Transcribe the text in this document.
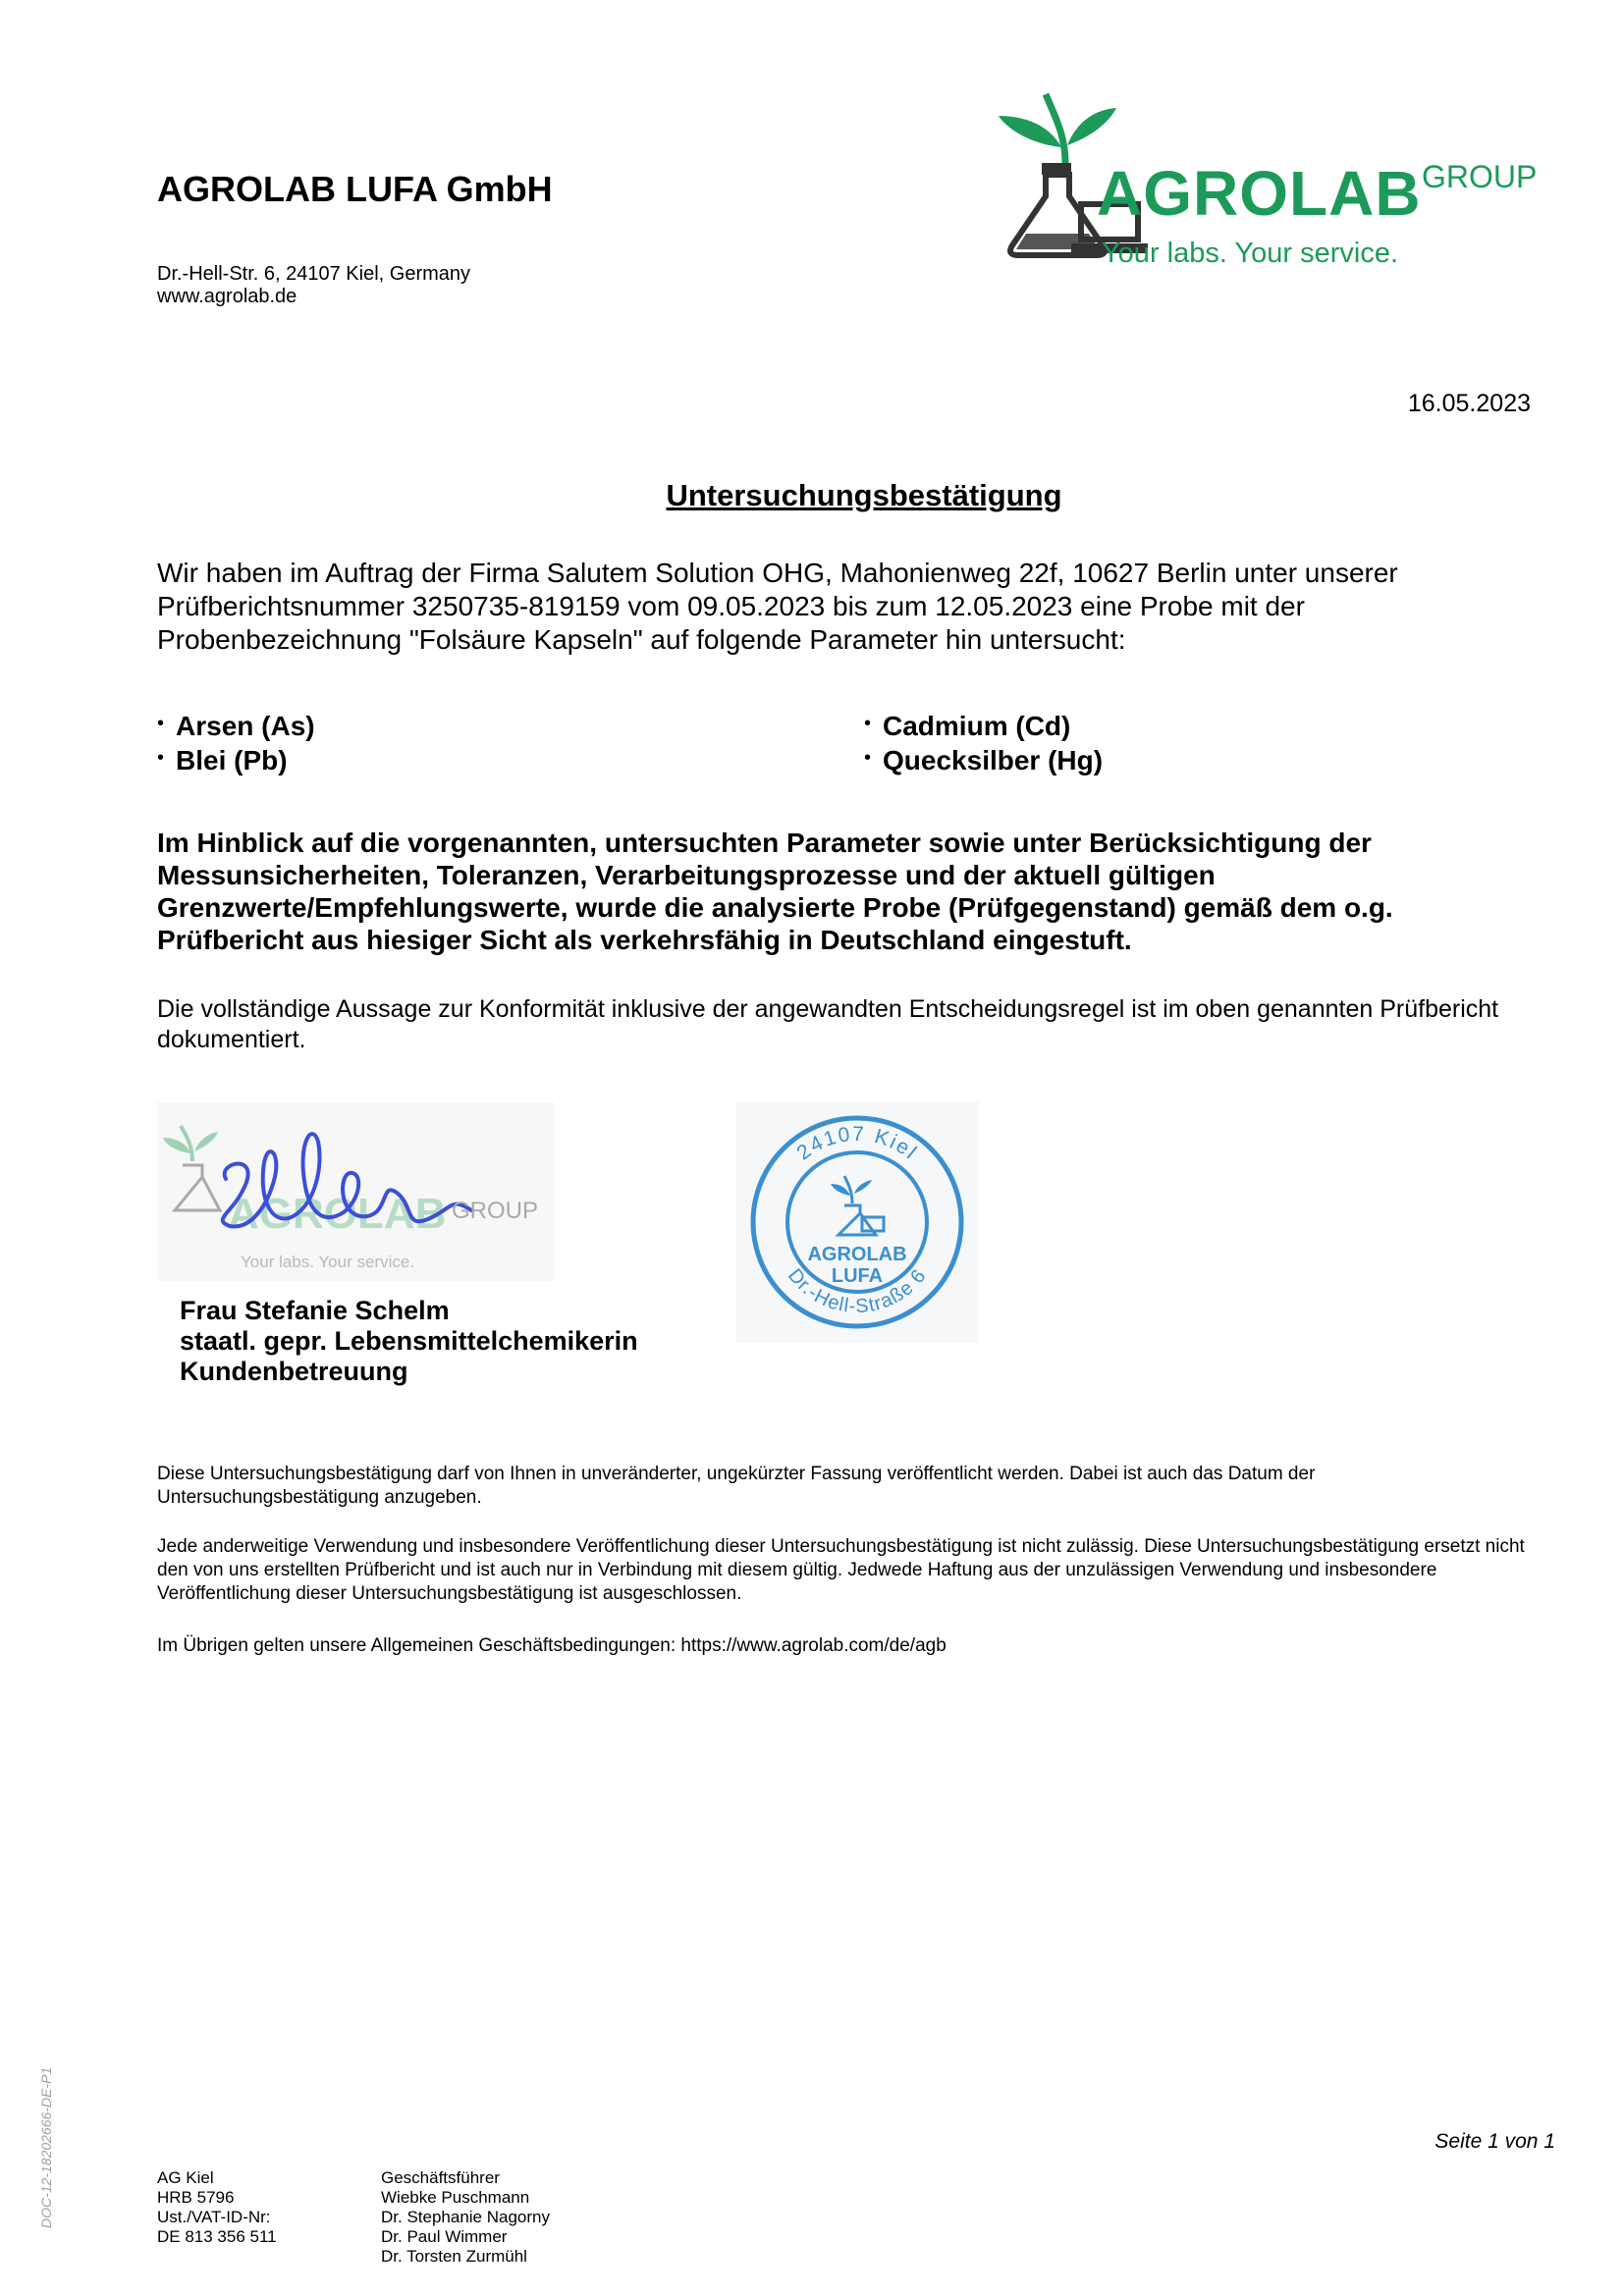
AGROLAB LUFA GmbH
Dr.-Hell-Str. 6, 24107 Kiel, Germany
www.agrolab.de
AGROLAB GROUP
Your labs. Your service.
16.05.2023
Untersuchungsbestätigung
Wir haben im Auftrag der Firma Salutem Solution OHG, Mahonienweg 22f, 10627 Berlin unter unserer Prüfberichtsnummer 3250735-819159 vom 09.05.2023 bis zum 12.05.2023 eine Probe mit der Probenbezeichnung "Folsäure Kapseln" auf folgende Parameter hin untersucht:
• Arsen (As)
• Blei (Pb)
• Cadmium (Cd)
• Quecksilber (Hg)
Im Hinblick auf die vorgenannten, untersuchten Parameter sowie unter Berücksichtigung der Messunsicherheiten, Toleranzen, Verarbeitungsprozesse und der aktuell gültigen Grenzwerte/Empfehlungswerte, wurde die analysierte Probe (Prüfgegenstand) gemäß dem o.g. Prüfbericht aus hiesiger Sicht als verkehrsfähig in Deutschland eingestuft.
Die vollständige Aussage zur Konformität inklusive der angewandten Entscheidungsregel ist im oben genannten Prüfbericht dokumentiert.
AGROLAB GROUP
Your labs. Your service.
24107 Kiel
Dr.-Hell-Straße 6
AGROLAB
LUFA
Frau Stefanie Schelm
staatl. gepr. Lebensmittelchemikerin
Kundenbetreuung
Diese Untersuchungsbestätigung darf von Ihnen in unveränderter, ungekürzter Fassung veröffentlicht werden. Dabei ist auch das Datum der Untersuchungsbestätigung anzugeben.
Jede anderweitige Verwendung und insbesondere Veröffentlichung dieser Untersuchungsbestätigung ist nicht zulässig. Diese Untersuchungsbestätigung ersetzt nicht den von uns erstellten Prüfbericht und ist auch nur in Verbindung mit diesem gültig. Jedwede Haftung aus der unzulässigen Verwendung und insbesondere Veröffentlichung dieser Untersuchungsbestätigung ist ausgeschlossen.
Im Übrigen gelten unsere Allgemeinen Geschäftsbedingungen: https://www.agrolab.com/de/agb
Seite 1 von 1
DOC-12-18202666-DE-P1	AG Kiel
HRB 5796
Ust./VAT-ID-Nr:
DE 813 356 511
Geschäftsführer
Wiebke Puschmann
Dr. Stephanie Nagorny
Dr. Paul Wimmer
Dr. Torsten Zurmühl
